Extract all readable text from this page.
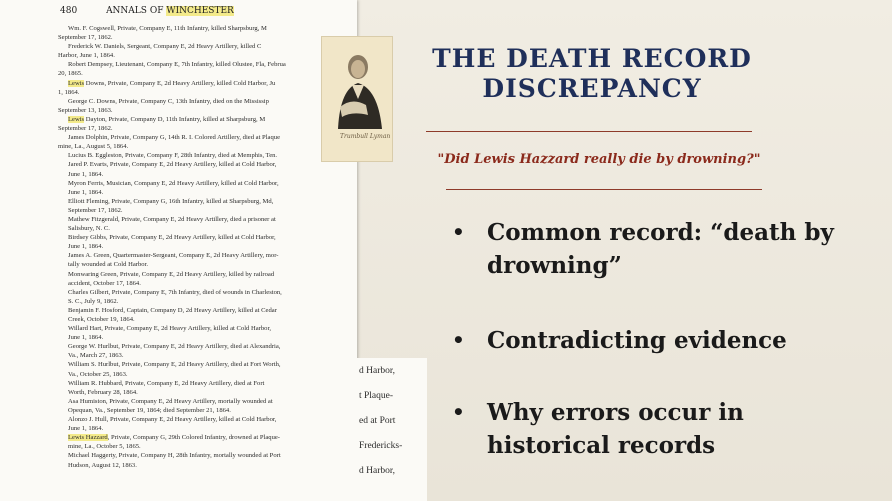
480	ANNALS OF WINCHESTER
Wm. F. Cogswell, Private, Company E, 11th Infantry, killed Sharpsburg, M
September 17, 1862.
Frederick W. Daniels, Sergeant, Company E, 2d Heavy Artillery, killed C
Harbor, June 1, 1864.
Robert Dempsey, Lieutenant, Company E, 7th Infantry, killed Olustee, Fla, Februa
20, 1865.
Lewis Downs, Private, Company E, 2d Heavy Artillery, killed Cold Harbor, Ju
1, 1864.
George C. Downs, Private, Company C, 13th Infantry, died on the Mississip
September 13, 1863.
Lewis Dayton, Private, Company D, 11th Infantry, killed at Sharpsburg, M
September 17, 1862.
James Dolphin, Private, Company G, 14th R. I. Colored Artillery, died at Plaque
mine, La., August 5, 1864.
Lucius B. Eggleston, Private, Company F, 28th Infantry, died at Memphis, Ten.
Jared P. Evarts, Private, Company E, 2d Heavy Artillery, killed at Cold Harbor,
June 1, 1864.
Myron Ferris, Musician, Company E, 2d Heavy Artillery, killed at Cold Harbor,
June 1, 1864.
Elliott Fleming, Private, Company G, 16th Infantry, killed at Sharpsburg, Md,
September 17, 1862.
Mathew Fitzgerald, Private, Company E, 2d Heavy Artillery, died a prisoner at
Salisbury, N. C.
Birdsey Gibbs, Private, Company E, 2d Heavy Artillery, killed at Cold Harbor,
June 1, 1864.
James A. Green, Quartermaster-Sergeant, Company E, 2d Heavy Artillery, mor-
tally wounded at Cold Harbor.
Monwaring Green, Private, Company E, 2d Heavy Artillery, killed by railroad
accident, October 17, 1864.
Charles Gilbert, Private, Company E, 7th Infantry, died of wounds in Charleston,
S. C., July 9, 1862.
Benjamin F. Hosford, Captain, Company D, 2d Heavy Artillery, killed at Cedar
Creek, October 19, 1864.
Willard Hart, Private, Company E, 2d Heavy Artillery, killed at Cold Harbor,
June 1, 1864.
George W. Hurlbut, Private, Company E, 2d Heavy Artillery, died at Alexandria,
Va., March 27, 1863.
William S. Hurlbut, Private, Company E, 2d Heavy Artillery, died at Fort Worth,
Va., October 25, 1863.
William R. Hubbard, Private, Company E, 2d Heavy Artillery, died at Fort
Worth, February 28, 1864.
Asa Humiston, Private, Company E, 2d Heavy Artillery, mortally wounded at
Opequan, Va., September 19, 1864; died September 21, 1864.
Alonzo J. Hull, Private, Company E, 2d Heavy Artillery, killed at Cold Harbor,
June 1, 1864.
Lewis Hazzard, Private, Company G, 29th Colored Infantry, drowned at Plaque-
mine, La., October 5, 1865.
Michael Haggerty, Private, Company H, 28th Infantry, mortally wounded at Port
Hudson, August 12, 1863.
Trumbull Lyman
d Harbor,
t Plaque-
ed at Port
Fredericks-
d Harbor,
THE DEATH RECORD
DISCREPANCY
"Did Lewis Hazzard really die by drowning?"
• Common record: “death by drowning”
• Contradicting evidence
• Why errors occur in historical records
